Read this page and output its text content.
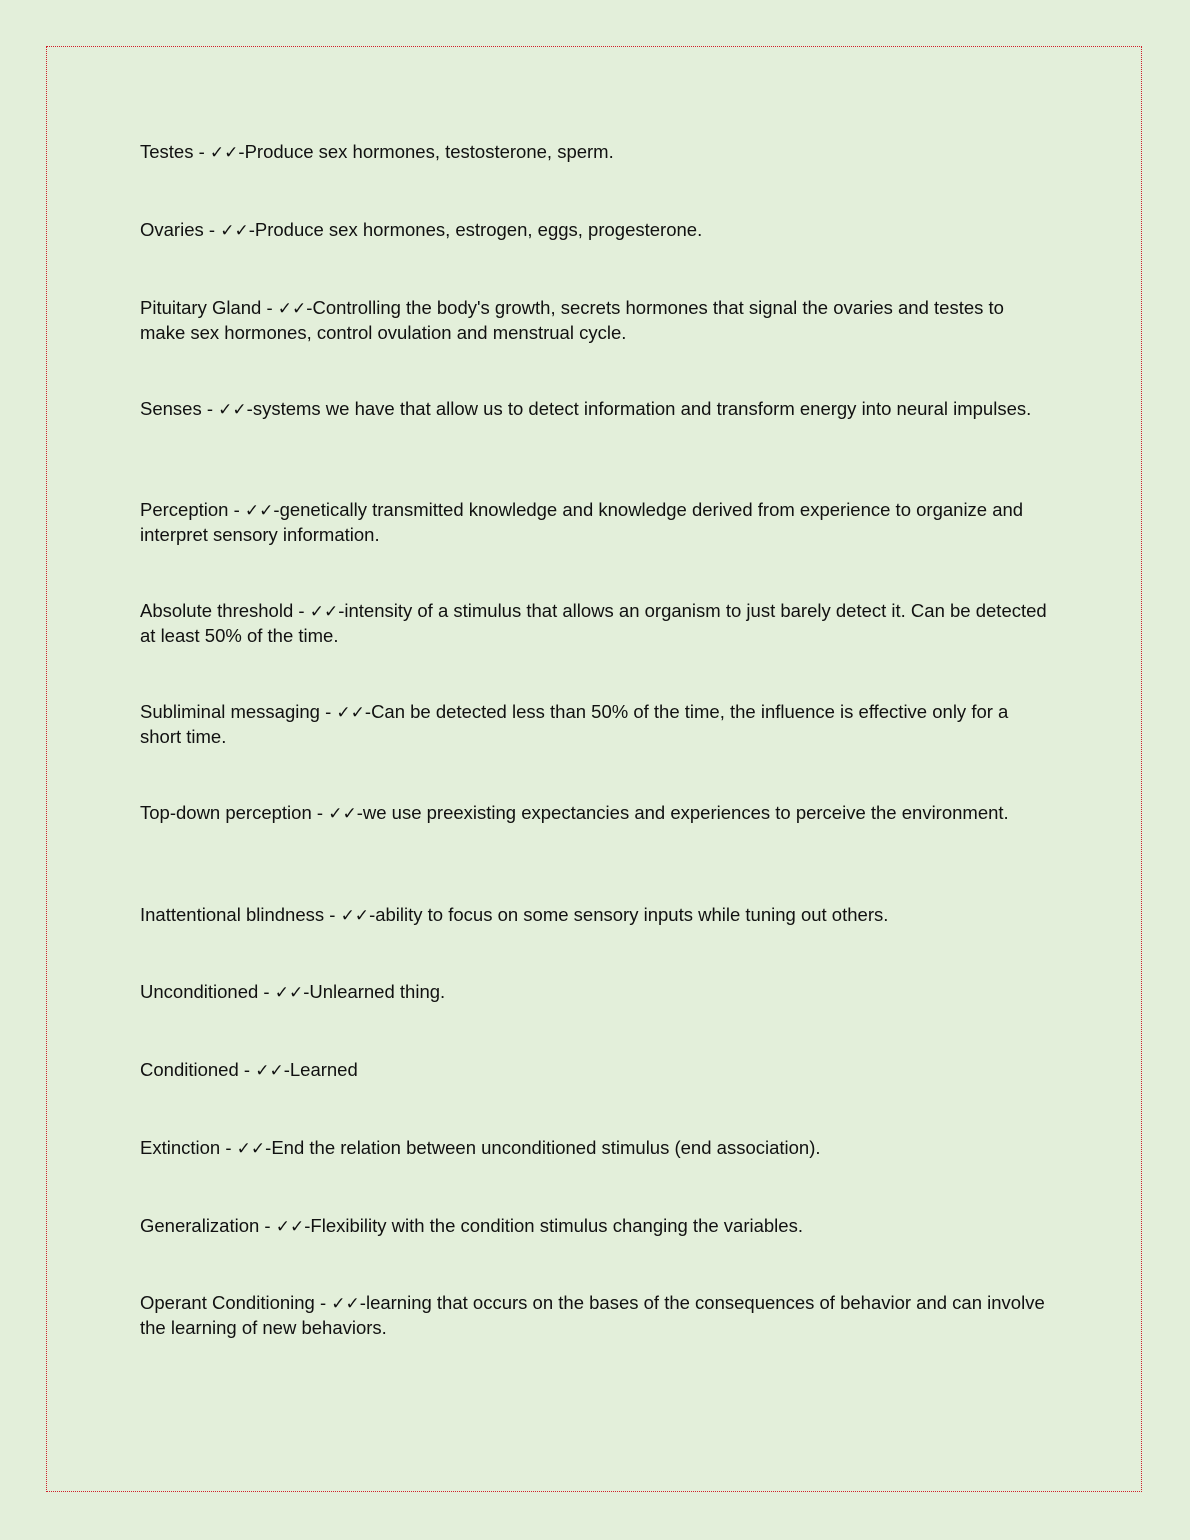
Testes - ✓✓-Produce sex hormones, testosterone, sperm.

Ovaries - ✓✓-Produce sex hormones, estrogen, eggs, progesterone.

Pituitary Gland - ✓✓-Controlling the body's growth, secrets hormones that signal the ovaries and testes to make sex hormones, control ovulation and menstrual cycle.

Senses - ✓✓-systems we have that allow us to detect information and transform energy into neural impulses.

Perception - ✓✓-genetically transmitted knowledge and knowledge derived from experience to organize and interpret sensory information.

Absolute threshold - ✓✓-intensity of a stimulus that allows an organism to just barely detect it. Can be detected at least 50% of the time.

Subliminal messaging - ✓✓-Can be detected less than 50% of the time, the influence is effective only for a short time.

Top-down perception - ✓✓-we use preexisting expectancies and experiences to perceive the environment.

Inattentional blindness - ✓✓-ability to focus on some sensory inputs while tuning out others.

Unconditioned - ✓✓-Unlearned thing.

Conditioned - ✓✓-Learned

Extinction - ✓✓-End the relation between unconditioned stimulus (end association).

Generalization - ✓✓-Flexibility with the condition stimulus changing the variables.

Operant Conditioning - ✓✓-learning that occurs on the bases of the consequences of behavior and can involve the learning of new behaviors.
